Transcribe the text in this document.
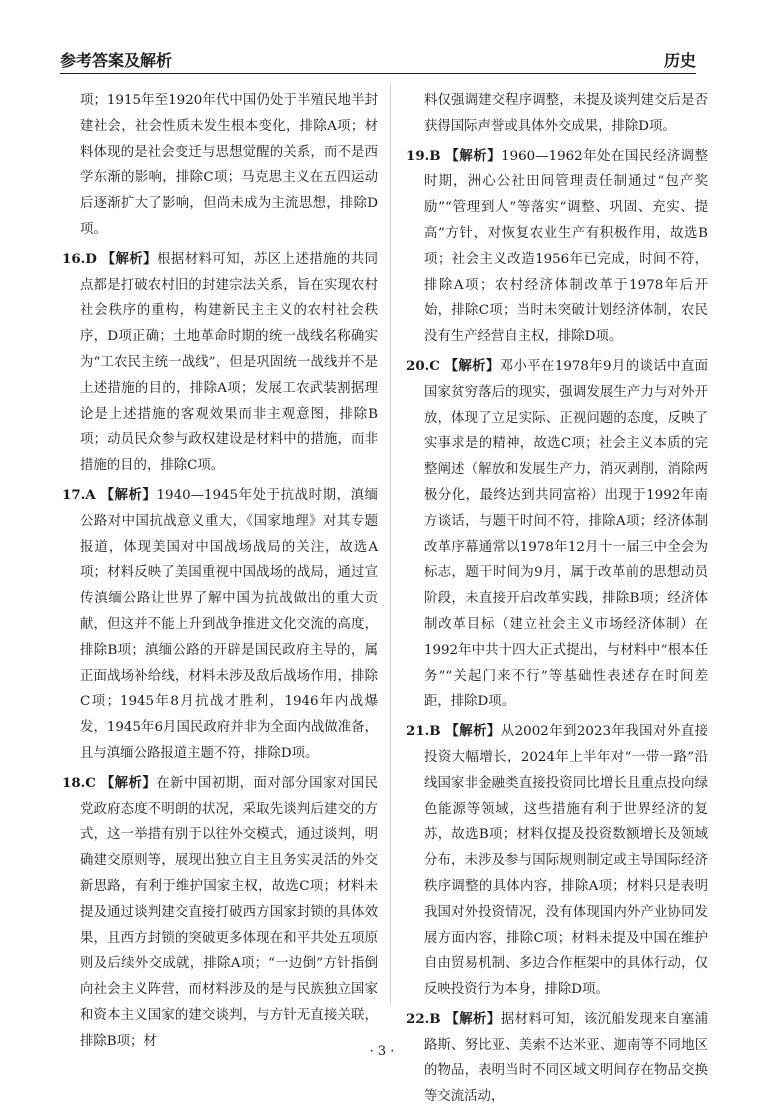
参考答案及解析	历史

项；1915年至1920年代中国仍处于半殖民地半封建社会，社会性质未发生根本变化，排除A项；材料体现的是社会变迁与思想觉醒的关系，而不是西学东渐的影响，排除C项；马克思主义在五四运动后逐渐扩大了影响，但尚未成为主流思想，排除D项。

16.D 【解析】根据材料可知，苏区上述措施的共同点都是打破农村旧的封建宗法关系，旨在实现农村社会秩序的重构，构建新民主主义的农村社会秩序，D项正确；土地革命时期的统一战线名称确实为“工农民主统一战线”，但是巩固统一战线并不是上述措施的目的，排除A项；发展工农武装割据理论是上述措施的客观效果而非主观意图，排除B项；动员民众参与政权建设是材料中的措施，而非措施的目的，排除C项。

17.A 【解析】1940—1945年处于抗战时期，滇缅公路对中国抗战意义重大，《国家地理》对其专题报道，体现美国对中国战场战局的关注，故选A项；材料反映了美国重视中国战场的战局，通过宣传滇缅公路让世界了解中国为抗战做出的重大贡献，但这并不能上升到战争推进文化交流的高度，排除B项；滇缅公路的开辟是国民政府主导的，属正面战场补给线，材料未涉及敌后战场作用，排除C项；1945年8月抗战才胜利，1946年内战爆发，1945年6月国民政府并非为全面内战做准备，且与滇缅公路报道主题不符，排除D项。

18.C 【解析】在新中国初期，面对部分国家对国民党政府态度不明朗的状况，采取先谈判后建交的方式，这一举措有别于以往外交模式，通过谈判，明确建交原则等，展现出独立自主且务实灵活的外交新思路，有利于维护国家主权，故选C项；材料未提及通过谈判建交直接打破西方国家封锁的具体效果，且西方封锁的突破更多体现在和平共处五项原则及后续外交成就，排除A项；“一边倒”方针指倒向社会主义阵营，而材料涉及的是与民族独立国家和资本主义国家的建交谈判，与方针无直接关联，排除B项；材

料仅强调建交程序调整，未提及谈判建交后是否获得国际声誉或具体外交成果，排除D项。

19.B 【解析】1960—1962年处在国民经济调整时期，洲心公社田间管理责任制通过“包产奖励”“管理到人”等落实“调整、巩固、充实、提高”方针，对恢复农业生产有积极作用，故选B项；社会主义改造1956年已完成，时间不符，排除A项；农村经济体制改革于1978年后开始，排除C项；当时未突破计划经济体制，农民没有生产经营自主权，排除D项。

20.C 【解析】邓小平在1978年9月的谈话中直面国家贫穷落后的现实，强调发展生产力与对外开放，体现了立足实际、正视问题的态度，反映了实事求是的精神，故选C项；社会主义本质的完整阐述（解放和发展生产力，消灭剥削，消除两极分化，最终达到共同富裕）出现于1992年南方谈话，与题干时间不符，排除A项；经济体制改革序幕通常以1978年12月十一届三中全会为标志，题干时间为9月，属于改革前的思想动员阶段，未直接开启改革实践，排除B项；经济体制改革目标（建立社会主义市场经济体制）在1992年中共十四大正式提出，与材料中“根本任务”“关起门来不行”等基础性表述存在时间差距，排除D项。

21.B 【解析】从2002年到2023年我国对外直接投资大幅增长，2024年上半年对“一带一路”沿线国家非金融类直接投资同比增长且重点投向绿色能源等领域，这些措施有利于世界经济的复苏，故选B项；材料仅提及投资数额增长及领域分布，未涉及参与国际规则制定或主导国际经济秩序调整的具体内容，排除A项；材料只是表明我国对外投资情况，没有体现国内外产业协同发展方面内容，排除C项；材料未提及中国在维护自由贸易机制、多边合作框架中的具体行动，仅反映投资行为本身，排除D项。

22.B 【解析】据材料可知，该沉船发现来自塞浦路斯、努比亚、美索不达米亚、迦南等不同地区的物品，表明当时不同区域文明间存在物品交换等交流活动，

· 3 ·
